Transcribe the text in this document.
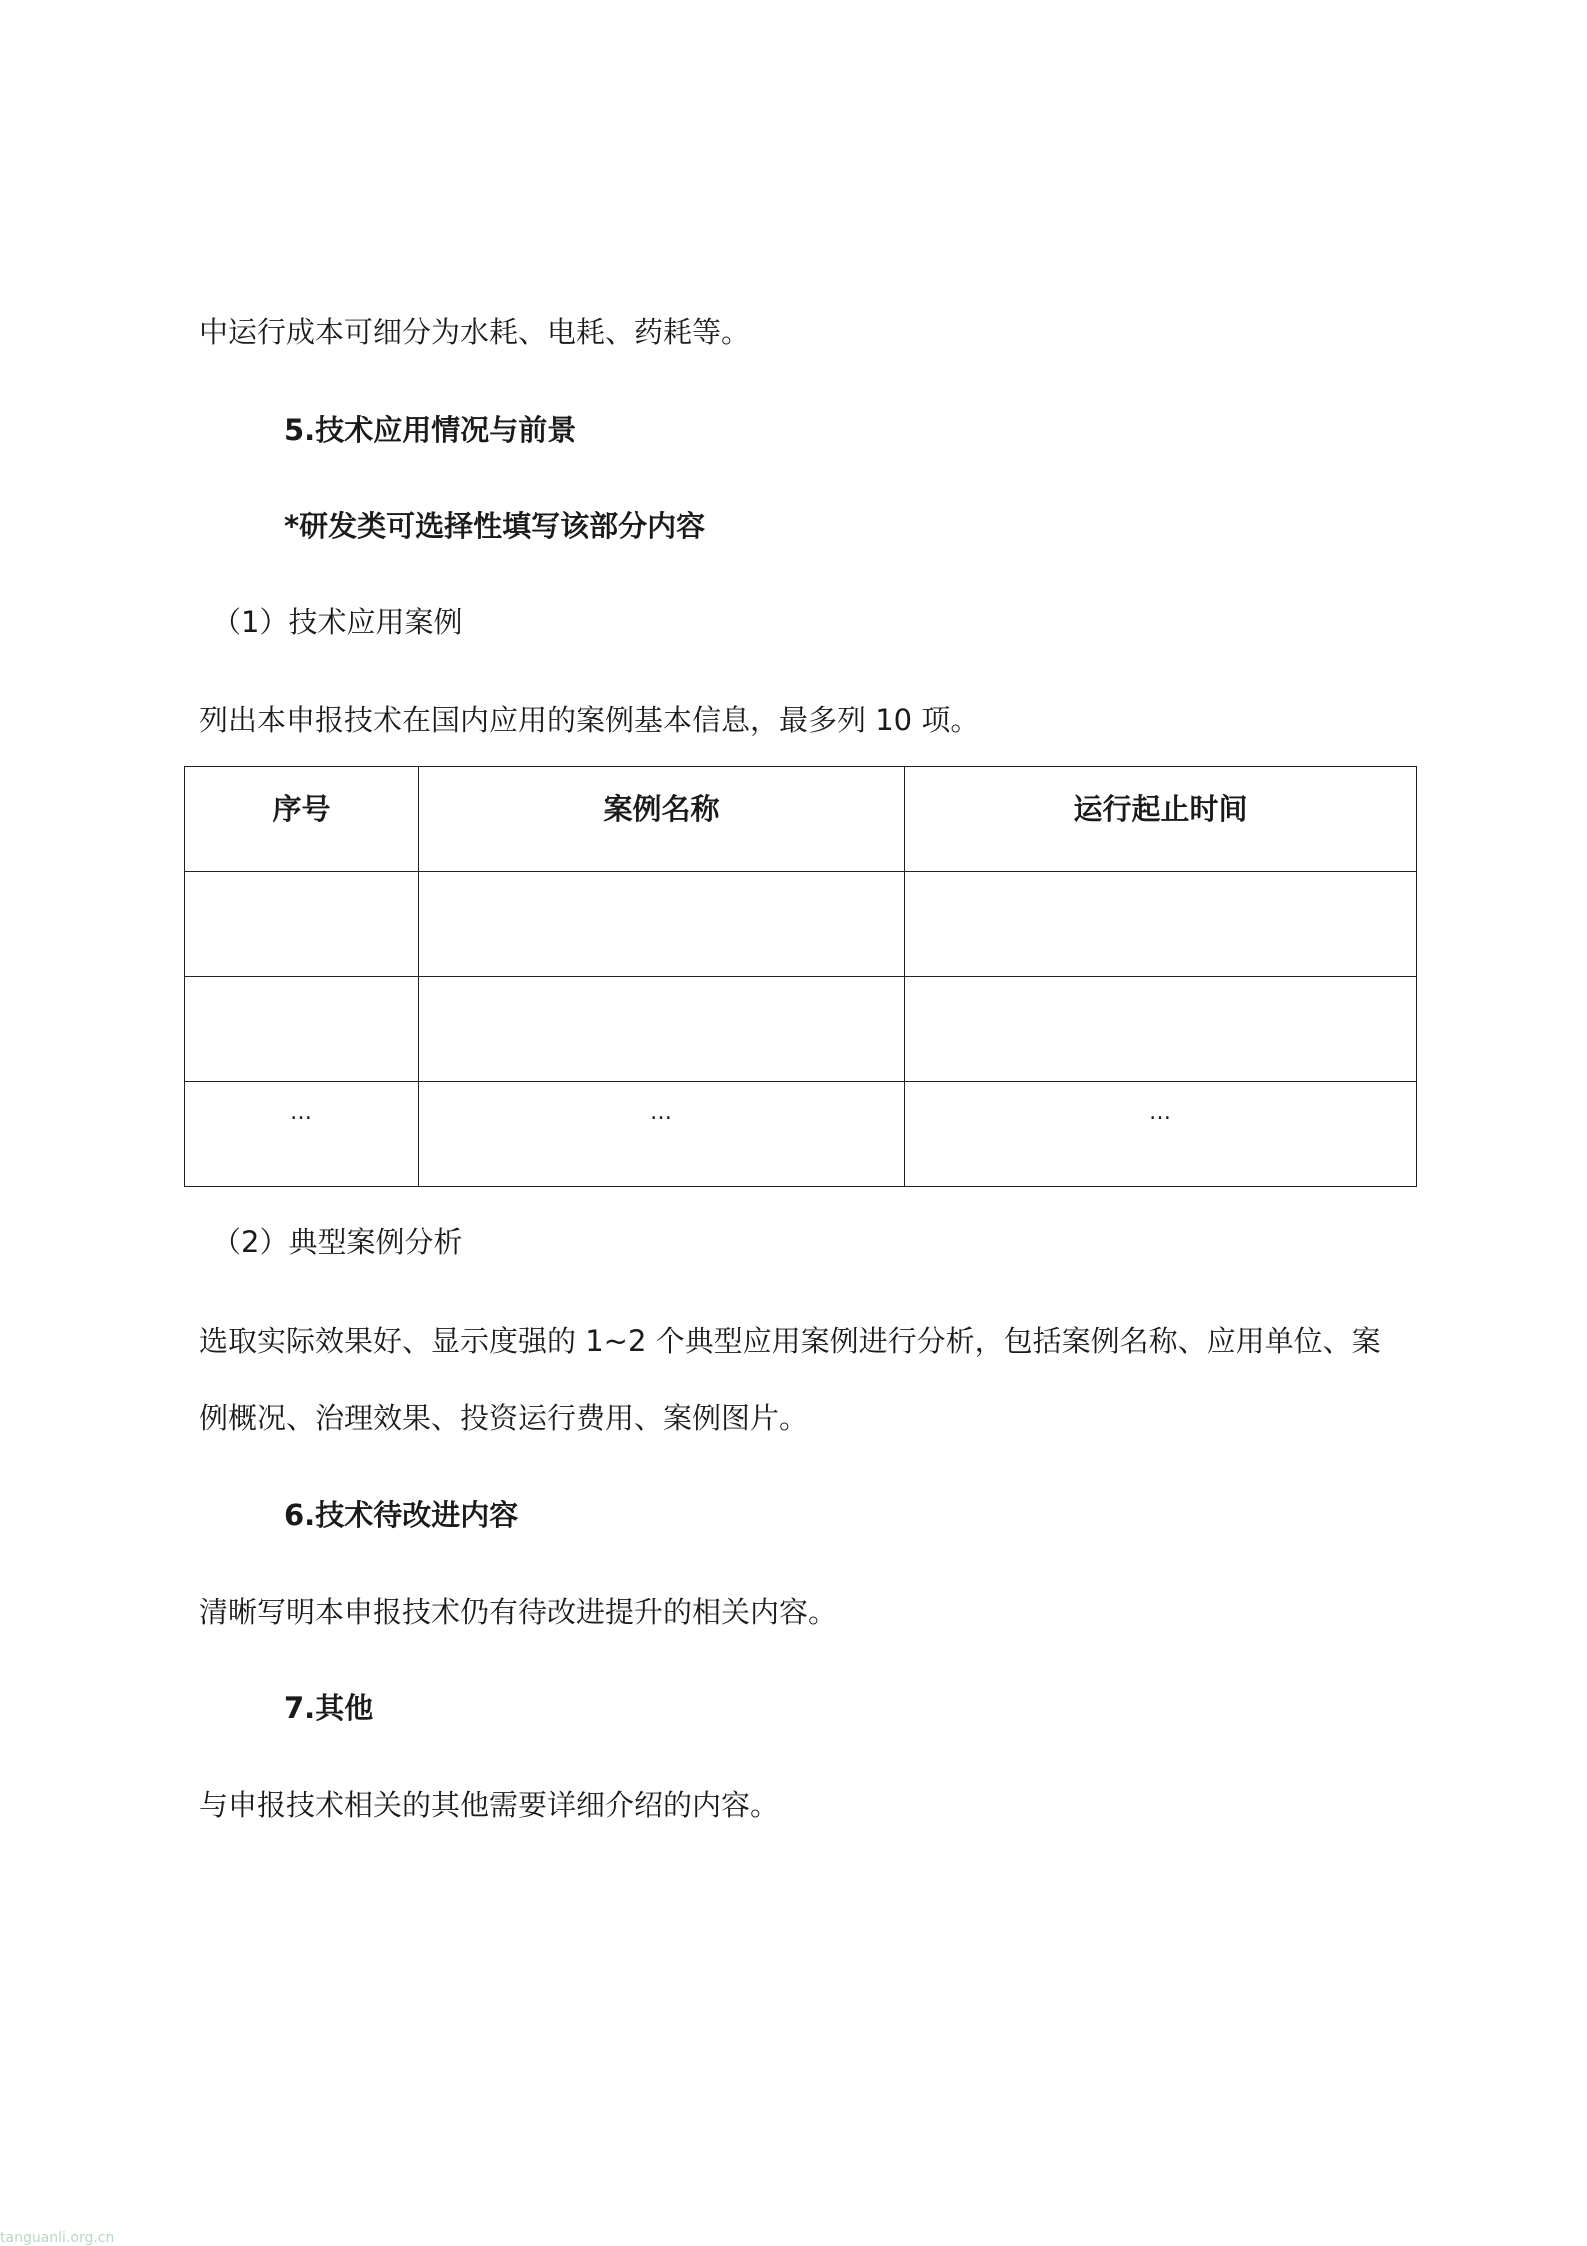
中运行成本可细分为水耗、电耗、药耗等。

5.技术应用情况与前景

*研发类可选择性填写该部分内容

（1）技术应用案例

列出本申报技术在国内应用的案例基本信息，最多列 10 项。

序号	案例名称	运行起止时间

…	…	…

（2）典型案例分析

选取实际效果好、显示度强的 1~2 个典型应用案例进行分析，包括案例名称、应用单位、案

例概况、治理效果、投资运行费用、案例图片。

6.技术待改进内容

清晰写明本申报技术仍有待改进提升的相关内容。

7.其他

与申报技术相关的其他需要详细介绍的内容。

tanguanli.org.cn
